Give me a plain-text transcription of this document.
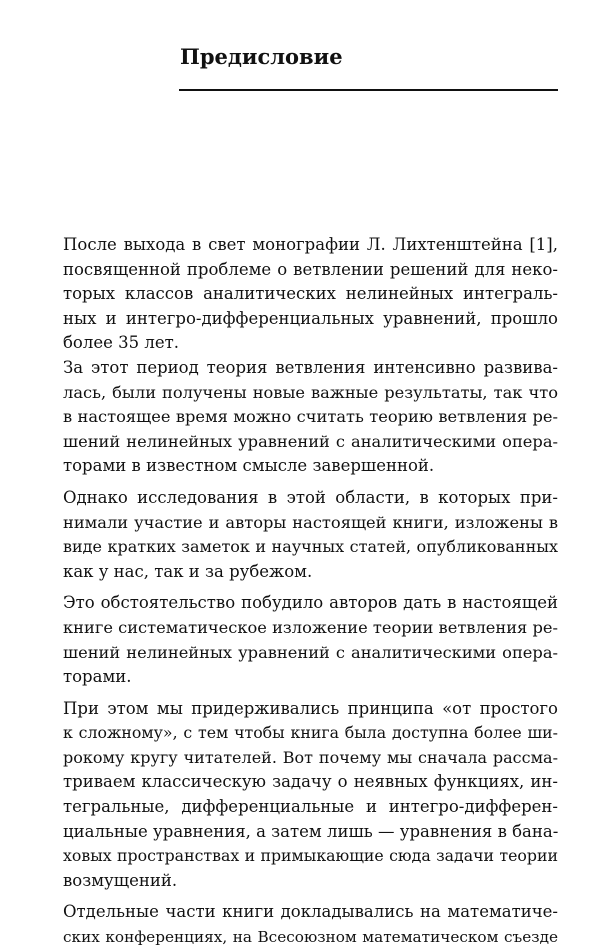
Предисловие
После выхода в свет монографии Л. Лихтенштейна [1],
посвященной проблеме о ветвлении решений для неко-
торых классов аналитических нелинейных интеграль-
ных и интегро-дифференциальных уравнений, прошло
более 35 лет.
За этот период теория ветвления интенсивно развива-
лась, были получены новые важные результаты, так что
в настоящее время можно считать теорию ветвления ре-
шений нелинейных уравнений с аналитическими опера-
торами в известном смысле завершенной.
Однако исследования в этой области, в которых при-
нимали участие и авторы настоящей книги, изложены в
виде кратких заметок и научных статей, опубликованных
как у нас, так и за рубежом.
Это обстоятельство побудило авторов дать в настоящей
книге систематическое изложение теории ветвления ре-
шений нелинейных уравнений с аналитическими опера-
торами.
При этом мы придерживались принципа «от простого
к сложному», с тем чтобы книга была доступна более ши-
рокому кругу читателей. Вот почему мы сначала рассма-
триваем классическую задачу о неявных функциях, ин-
тегральные, дифференциальные и интегро-дифферен-
циальные уравнения, а затем лишь — уравнения в бана-
ховых пространствах и примыкающие сюда задачи теории
возмущений.
Отдельные части книги докладывались на математиче-
ских конференциях, на Всесоюзном математическом съезде
